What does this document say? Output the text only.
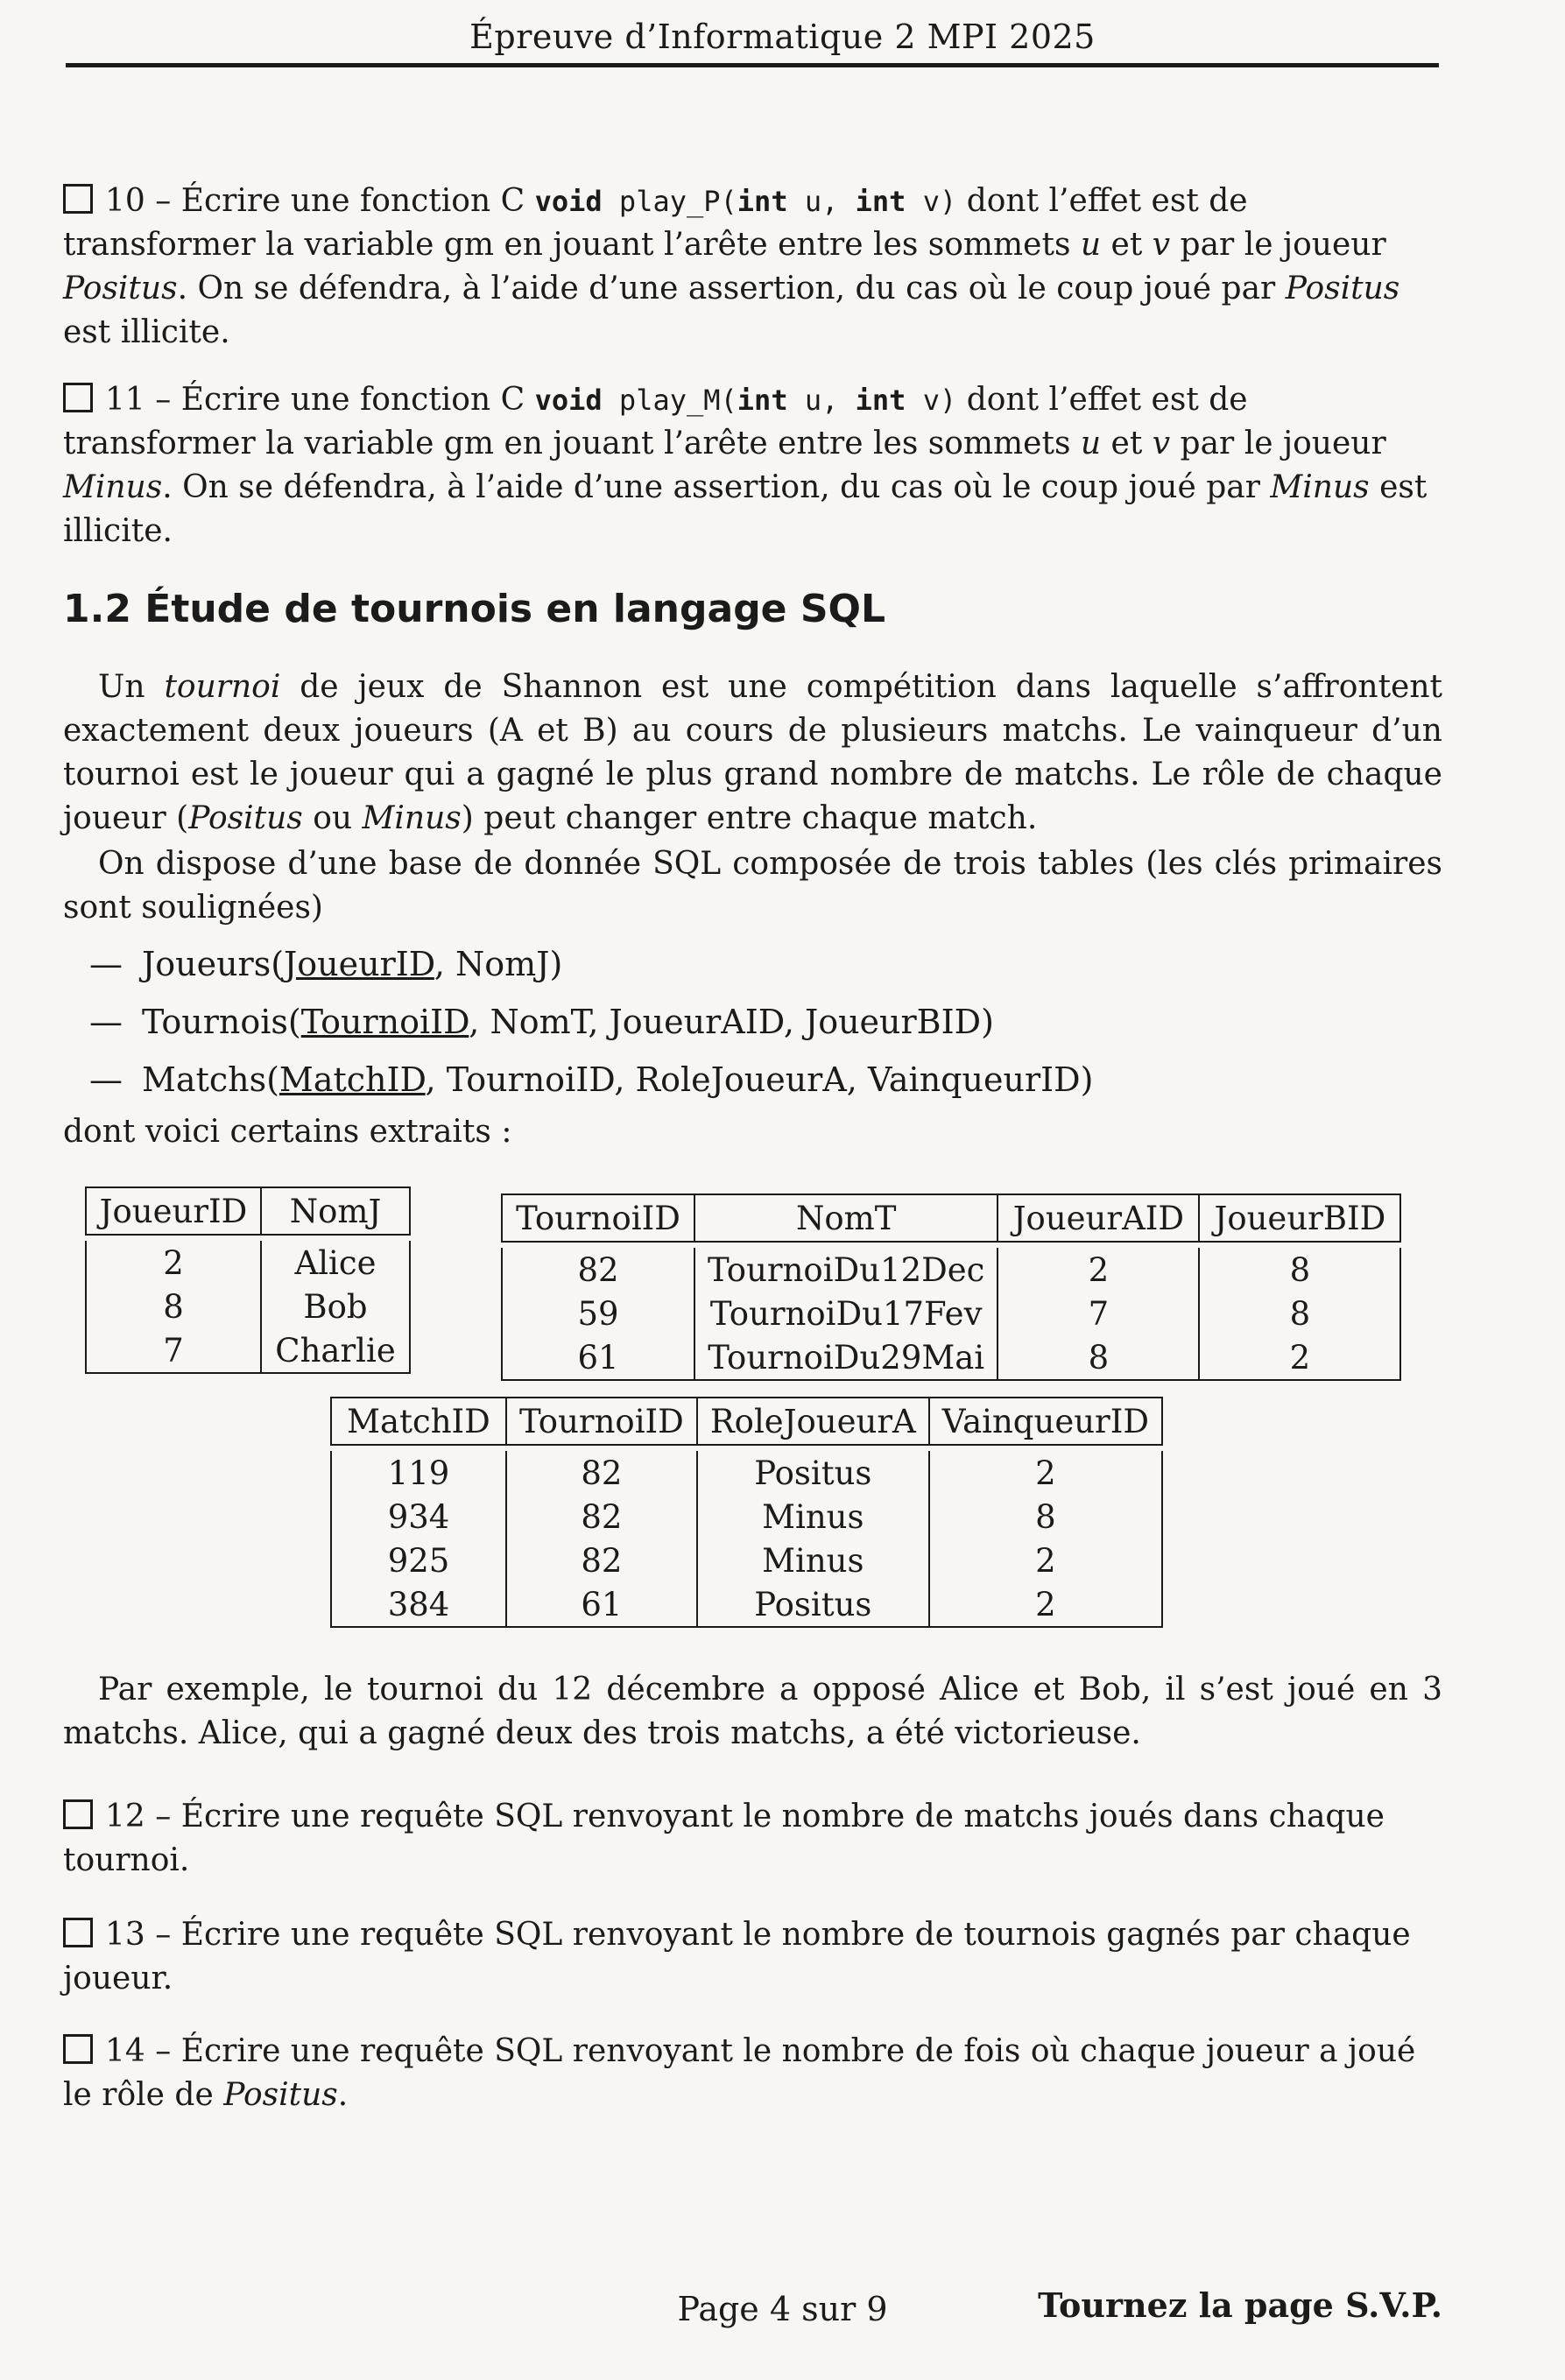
Épreuve d’Informatique 2 MPI 2025
10 – Écrire une fonction C void play_P(int u, int v) dont l’effet est de transformer la variable gm en jouant l’arête entre les sommets u et v par le joueur Positus. On se défendra, à l’aide d’une assertion, du cas où le coup joué par Positus est illicite.
11 – Écrire une fonction C void play_M(int u, int v) dont l’effet est de transformer la variable gm en jouant l’arête entre les sommets u et v par le joueur Minus. On se défendra, à l’aide d’une assertion, du cas où le coup joué par Minus est illicite.
1.2 Étude de tournois en langage SQL
Un tournoi de jeux de Shannon est une compétition dans laquelle s’affrontent exactement deux joueurs (A et B) au cours de plusieurs matchs. Le vainqueur d’un tournoi est le joueur qui a gagné le plus grand nombre de matchs. Le rôle de chaque joueur (Positus ou Minus) peut changer entre chaque match.
On dispose d’une base de donnée SQL composée de trois tables (les clés primaires sont soulignées)
— Joueurs(JoueurID, NomJ)
— Tournois(TournoiID, NomT, JoueurAID, JoueurBID)
— Matchs(MatchID, TournoiID, RoleJoueurA, VainqueurID)
dont voici certains extraits :
JoueurID	NomJ

2	Alice
8	Bob
7	Charlie
TournoiID	NomT	JoueurAID	JoueurBID

82	TournoiDu12Dec	2	8
59	TournoiDu17Fev	7	8
61	TournoiDu29Mai	8	2
MatchID	TournoiID	RoleJoueurA	VainqueurID

119	82	Positus	2
934	82	Minus	8
925	82	Minus	2
384	61	Positus	2
Par exemple, le tournoi du 12 décembre a opposé Alice et Bob, il s’est joué en 3 matchs. Alice, qui a gagné deux des trois matchs, a été victorieuse.
12 – Écrire une requête SQL renvoyant le nombre de matchs joués dans chaque tournoi.
13 – Écrire une requête SQL renvoyant le nombre de tournois gagnés par chaque joueur.
14 – Écrire une requête SQL renvoyant le nombre de fois où chaque joueur a joué le rôle de Positus.
Page 4 sur 9	Tournez la page S.V.P.
